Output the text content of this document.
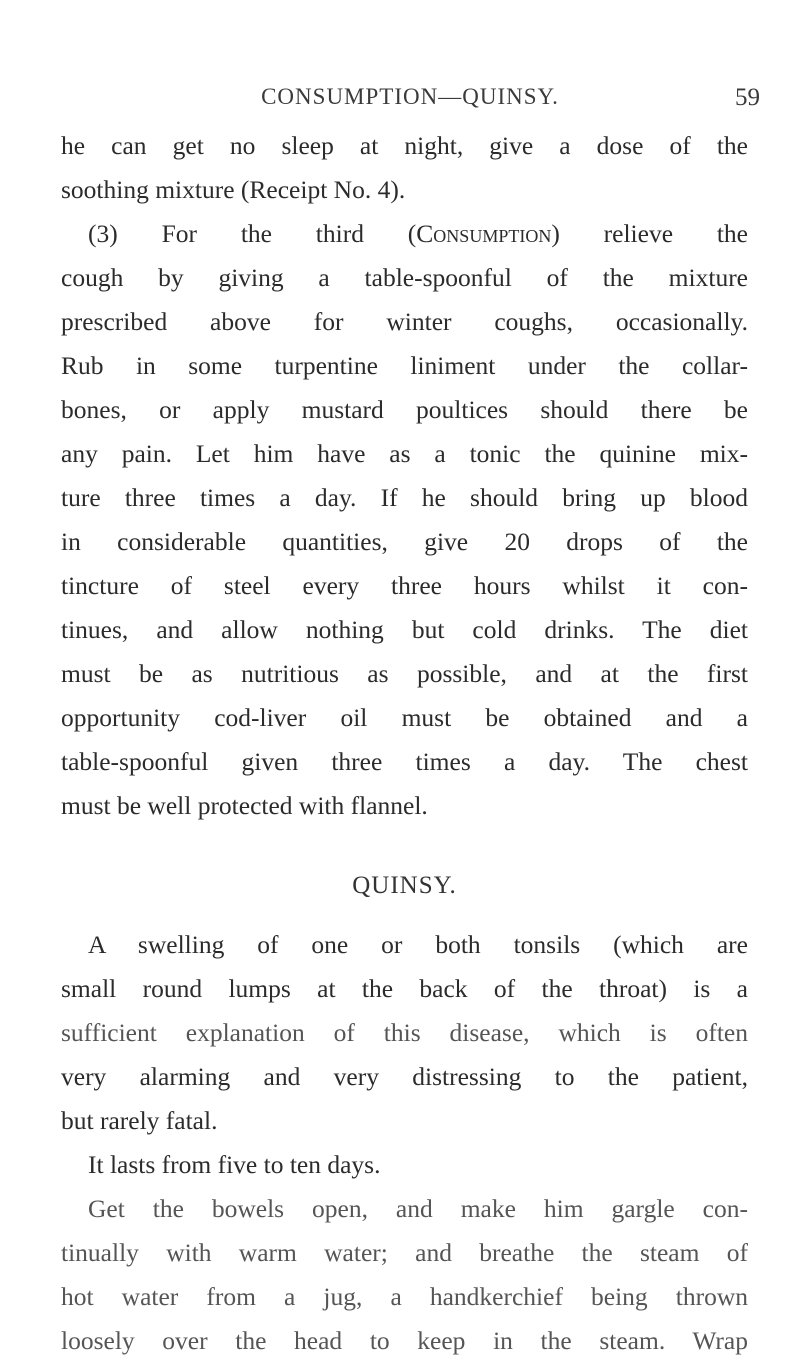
CONSUMPTION—QUINSY.	59
he can get no sleep at night, give a dose of the
soothing mixture (Receipt No. 4).
(3) For the third (Consumption) relieve the
cough by giving a table-spoonful of the mixture
prescribed above for winter coughs, occasionally.
Rub in some turpentine liniment under the collar-
bones, or apply mustard poultices should there be
any pain. Let him have as a tonic the quinine mix-
ture three times a day. If he should bring up blood
in considerable quantities, give 20 drops of the
tincture of steel every three hours whilst it con-
tinues, and allow nothing but cold drinks. The diet
must be as nutritious as possible, and at the first
opportunity cod-liver oil must be obtained and a
table-spoonful given three times a day. The chest
must be well protected with flannel.
QUINSY.
A swelling of one or both tonsils (which are
small round lumps at the back of the throat) is a
sufficient explanation of this disease, which is often
very alarming and very distressing to the patient,
but rarely fatal.
It lasts from five to ten days.
Get the bowels open, and make him gargle con-
tinually with warm water; and breathe the steam of
hot water from a jug, a handkerchief being thrown
loosely over the head to keep in the steam. Wrap
